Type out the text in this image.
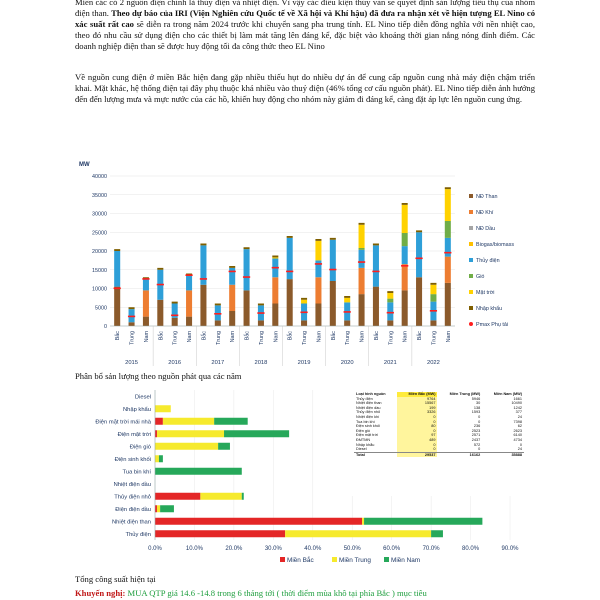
Miền các có 2 nguồn điện chính là thủy điện và nhiệt điện. Vì vậy các điều kiện thủy văn sẽ quyết định sản lượng tiêu thụ của nhóm điện than. Theo dự báo của IRI (Viện Nghiên cứu Quốc tế về Xã hội và Khí hậu) đã đưa ra nhận xét về hiện tượng EL Nino có xác suất rất cao sẽ diễn ra trong năm 2024 trước khi chuyển sang pha trung tính. EL Nino tiếp diễn đồng nghĩa với nền nhiệt cao, theo đó nhu cầu sử dụng điện cho các thiết bị làm mát tăng lên đáng kể, đặc biệt vào khoảng thời gian nắng nóng đỉnh điểm. Các doanh nghiệp điện than sẽ được huy động tối đa công thức theo EL Nino

Về nguồn cung điện ở miền Bắc hiện đang gặp nhiều thiếu hụt do nhiều dự án để cung cấp nguồn cung nhà máy điện chậm triển khai. Mặt khác, hệ thống điện tại đây phụ thuộc khá nhiều vào thuỷ điện (46% tổng cơ cấu nguồn phát). EL Nino tiếp diễn ảnh hưởng đến đến lượng mưa và mực nước của các hồ, khiến huy động cho nhóm này giảm đi đáng kể, càng đặt áp lực lên nguồn cung ứng.

MW
0
5000
10000
15000
20000
25000
30000
35000
40000
Bắc Trung Nam Bắc Trung Nam Bắc Trung Nam Bắc Trung Nam Bắc Trung Nam Bắc Trung Nam Bắc Trung Nam Bắc Trung Nam
2015	2016	2017	2018	2019	2020	2021	2022
NĐ Than
NĐ Khí
NĐ Dầu
Biogas/biomass
Thủy điện
Gió
Mặt trời
Nhập khẩu
Pmax Phụ tải
Phân bổ sản lượng theo nguồn phát qua các năm
0.0%	10.0%	20.0%	30.0%	40.0%	50.0%	60.0%	70.0%	80.0%	90.0%
Diesel
Nhập khẩu
Điện mặt trời mái nhà
Điện mặt trời
Điện gió
Điện sinh khối
Tua bin khí
Nhiệt điện dầu
Thủy điện nhỏ
Điện điện dầu
Nhiệt điện than
Thủy điện
Miền Bắc	Miền Trung	Miền Nam
Loại hình nguồn	Miền Bắc (MW)	Miền Trung (MW)	Miền Nam (MW)
Thủy điện	9764	5946	1661
Nhiệt điện than	15567	30	10490
Nhiệt điện dầu	199	138	1242
Thủy điện nhỏ	3326	1593	377
Nhiệt điện khí	0	0	24
Tua bin khí	0	0	7398
Điện sinh khối	80	236	62
Điện gió	0	2523	2623
Điện mặt trời	97	2571	6140
ĐMTMN	489	2437	4734
Nhập khẩu	0	572	0
Diesel	0	0	24
Total	29537	16162	35888
Tổng công suất hiện tại
Khuyến nghị: MUA QTP giá 14.6 -14.8 trong 6 tháng tới ( thời điểm mùa khô tại phía Bắc ) mục tiêu
